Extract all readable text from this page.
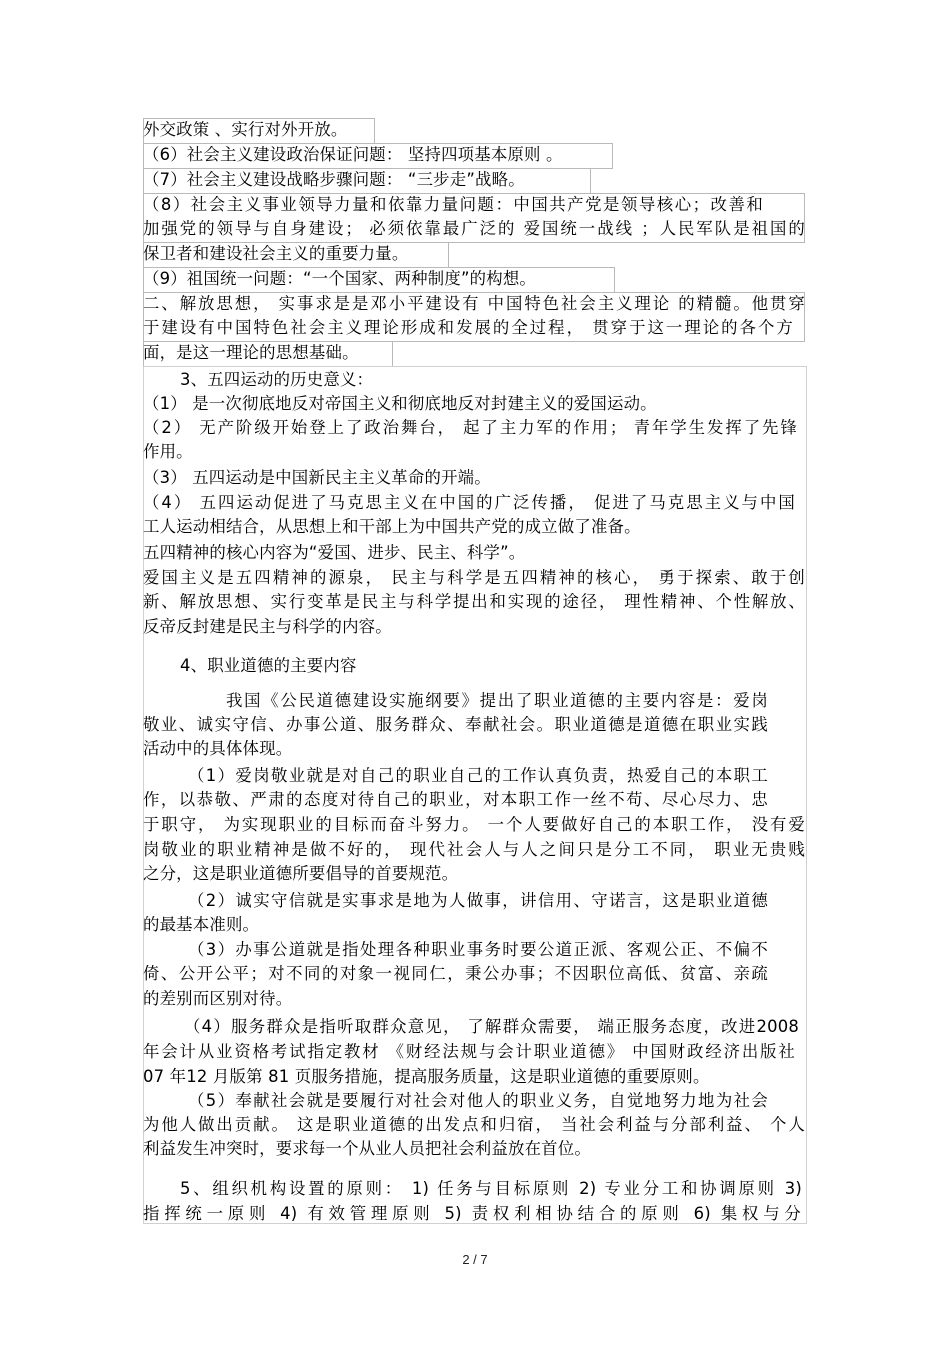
外交政策 、实行对外开放。
（6）社会主义建设政治保证问题： 坚持四项基本原则 。
（7）社会主义建设战略步骤问题： “三步走”战略。
（8）社会主义事业领导力量和依靠力量问题：中国共产党是领导核心；改善和
加强党的领导与自身建设； 必须依靠最广泛的 爱国统一战线 ；人民军队是祖国的
保卫者和建设社会主义的重要力量。
（9）祖国统一问题：“一个国家、两种制度”的构想。
二、解放思想， 实事求是是邓小平建设有 中国特色社会主义理论 的精髓。他贯穿
于建设有中国特色社会主义理论形成和发展的全过程， 贯穿于这一理论的各个方
面，是这一理论的思想基础。
3、五四运动的历史意义：
（1） 是一次彻底地反对帝国主义和彻底地反对封建主义的爱国运动。
（2） 无产阶级开始登上了政治舞台， 起了主力军的作用； 青年学生发挥了先锋
作用。
（3） 五四运动是中国新民主主义革命的开端。
（4） 五四运动促进了马克思主义在中国的广泛传播， 促进了马克思主义与中国
工人运动相结合，从思想上和干部上为中国共产党的成立做了准备。
五四精神的核心内容为“爱国、进步、民主、科学”。
爱国主义是五四精神的源泉， 民主与科学是五四精神的核心， 勇于探索、敢于创
新、解放思想、实行变革是民主与科学提出和实现的途径， 理性精神、个性解放、
反帝反封建是民主与科学的内容。
4、职业道德的主要内容
我国《公民道德建设实施纲要》提出了职业道德的主要内容是：爱岗
敬业、诚实守信、办事公道、服务群众、奉献社会。职业道德是道德在职业实践
活动中的具体体现。
（1）爱岗敬业就是对自己的职业自己的工作认真负责，热爱自己的本职工
作，以恭敬、严肃的态度对待自己的职业，对本职工作一丝不苟、尽心尽力、忠
于职守， 为实现职业的目标而奋斗努力。 一个人要做好自己的本职工作， 没有爱
岗敬业的职业精神是做不好的， 现代社会人与人之间只是分工不同， 职业无贵贱
之分，这是职业道德所要倡导的首要规范。
（2）诚实守信就是实事求是地为人做事，讲信用、守诺言，这是职业道德
的最基本准则。
（3）办事公道就是指处理各种职业事务时要公道正派、客观公正、不偏不
倚、公开公平；对不同的对象一视同仁，秉公办事；不因职位高低、贫富、亲疏
的差别而区别对待。
（4）服务群众是指听取群众意见， 了解群众需要， 端正服务态度，改进2008
年会计从业资格考试指定教材 《财经法规与会计职业道德》 中国财政经济出版社
07 年12 月版第 81 页服务措施，提高服务质量，这是职业道德的重要原则。
（5）奉献社会就是要履行对社会对他人的职业义务，自觉地努力地为社会
为他人做出贡献。 这是职业道德的出发点和归宿， 当社会利益与分部利益、 个人
利益发生冲突时，要求每一个从业人员把社会利益放在首位。
5、组织机构设置的原则： 1) 任务与目标原则 2) 专业分工和协调原则 3)
指挥统一原则 4) 有效管理原则 5) 责权利相协结合的原则 6) 集权与分
2 / 7
